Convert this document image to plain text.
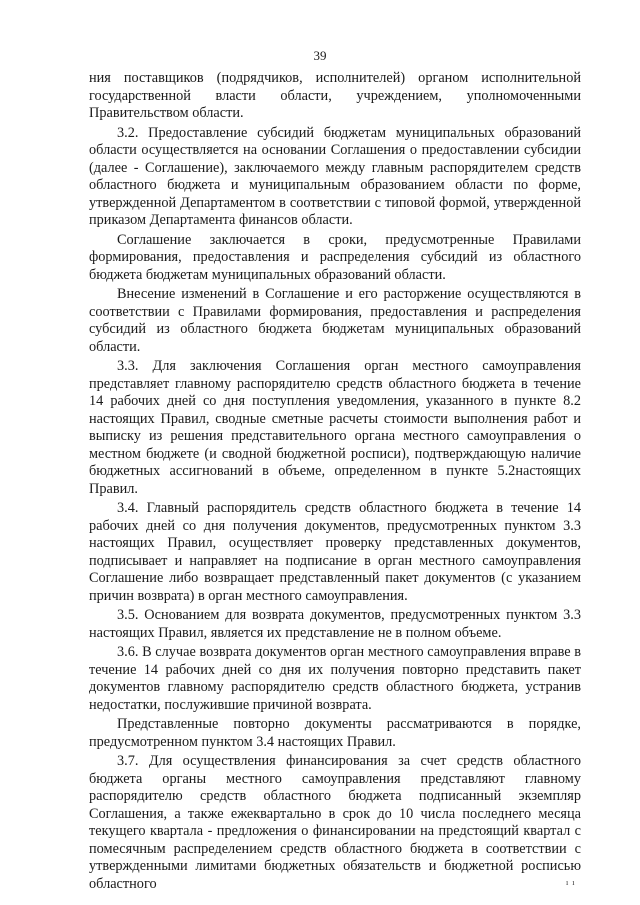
39

ния поставщиков (подрядчиков, исполнителей) органом исполнительной государственной власти области, учреждением, уполномоченными Правительством области.

3.2. Предоставление субсидий бюджетам муниципальных образований области осуществляется на основании Соглашения о предоставлении субсидии (далее - Соглашение), заключаемого между главным распорядителем средств областного бюджета и муниципальным образованием области по форме, утвержденной Департаментом в соответствии с типовой формой, утвержденной приказом Департамента финансов области.

Соглашение заключается в сроки, предусмотренные Правилами формирования, предоставления и распределения субсидий из областного бюджета бюджетам муниципальных образований области.

Внесение изменений в Соглашение и его расторжение осуществляются в соответствии с Правилами формирования, предоставления и распределения субсидий из областного бюджета бюджетам муниципальных образований области.

3.3. Для заключения Соглашения орган местного самоуправления представляет главному распорядителю средств областного бюджета в течение 14 рабочих дней со дня поступления уведомления, указанного в пункте 8.2 настоящих Правил, сводные сметные расчеты стоимости выполнения работ и выписку из решения представительного органа местного самоуправления о местном бюджете (и сводной бюджетной росписи), подтверждающую наличие бюджетных ассигнований в объеме, определенном в пункте 5.2настоящих Правил.

3.4. Главный распорядитель средств областного бюджета в течение 14 рабочих дней со дня получения документов, предусмотренных пунктом 3.3 настоящих Правил, осуществляет проверку представленных документов, подписывает и направляет на подписание в орган местного самоуправления Соглашение либо возвращает представленный пакет документов (с указанием причин возврата) в орган местного самоуправления.

3.5. Основанием для возврата документов, предусмотренных пунктом 3.3 настоящих Правил, является их представление не в полном объеме.

3.6. В случае возврата документов орган местного самоуправления вправе в течение 14 рабочих дней со дня их получения повторно представить пакет документов главному распорядителю средств областного бюджета, устранив недостатки, послужившие причиной возврата.

Представленные повторно документы рассматриваются в порядке, предусмотренном пунктом 3.4 настоящих Правил.

3.7. Для осуществления финансирования за счет средств областного бюджета органы местного самоуправления представляют главному распорядителю средств областного бюджета подписанный экземпляр Соглашения, а также ежеквартально в срок до 10 числа последнего месяца текущего квартала - предложения о финансировании на предстоящий квартал с помесячным распределением средств областного бюджета в соответствии с утвержденными лимитами бюджетных обязательств и бюджетной росписью областного	ıı
